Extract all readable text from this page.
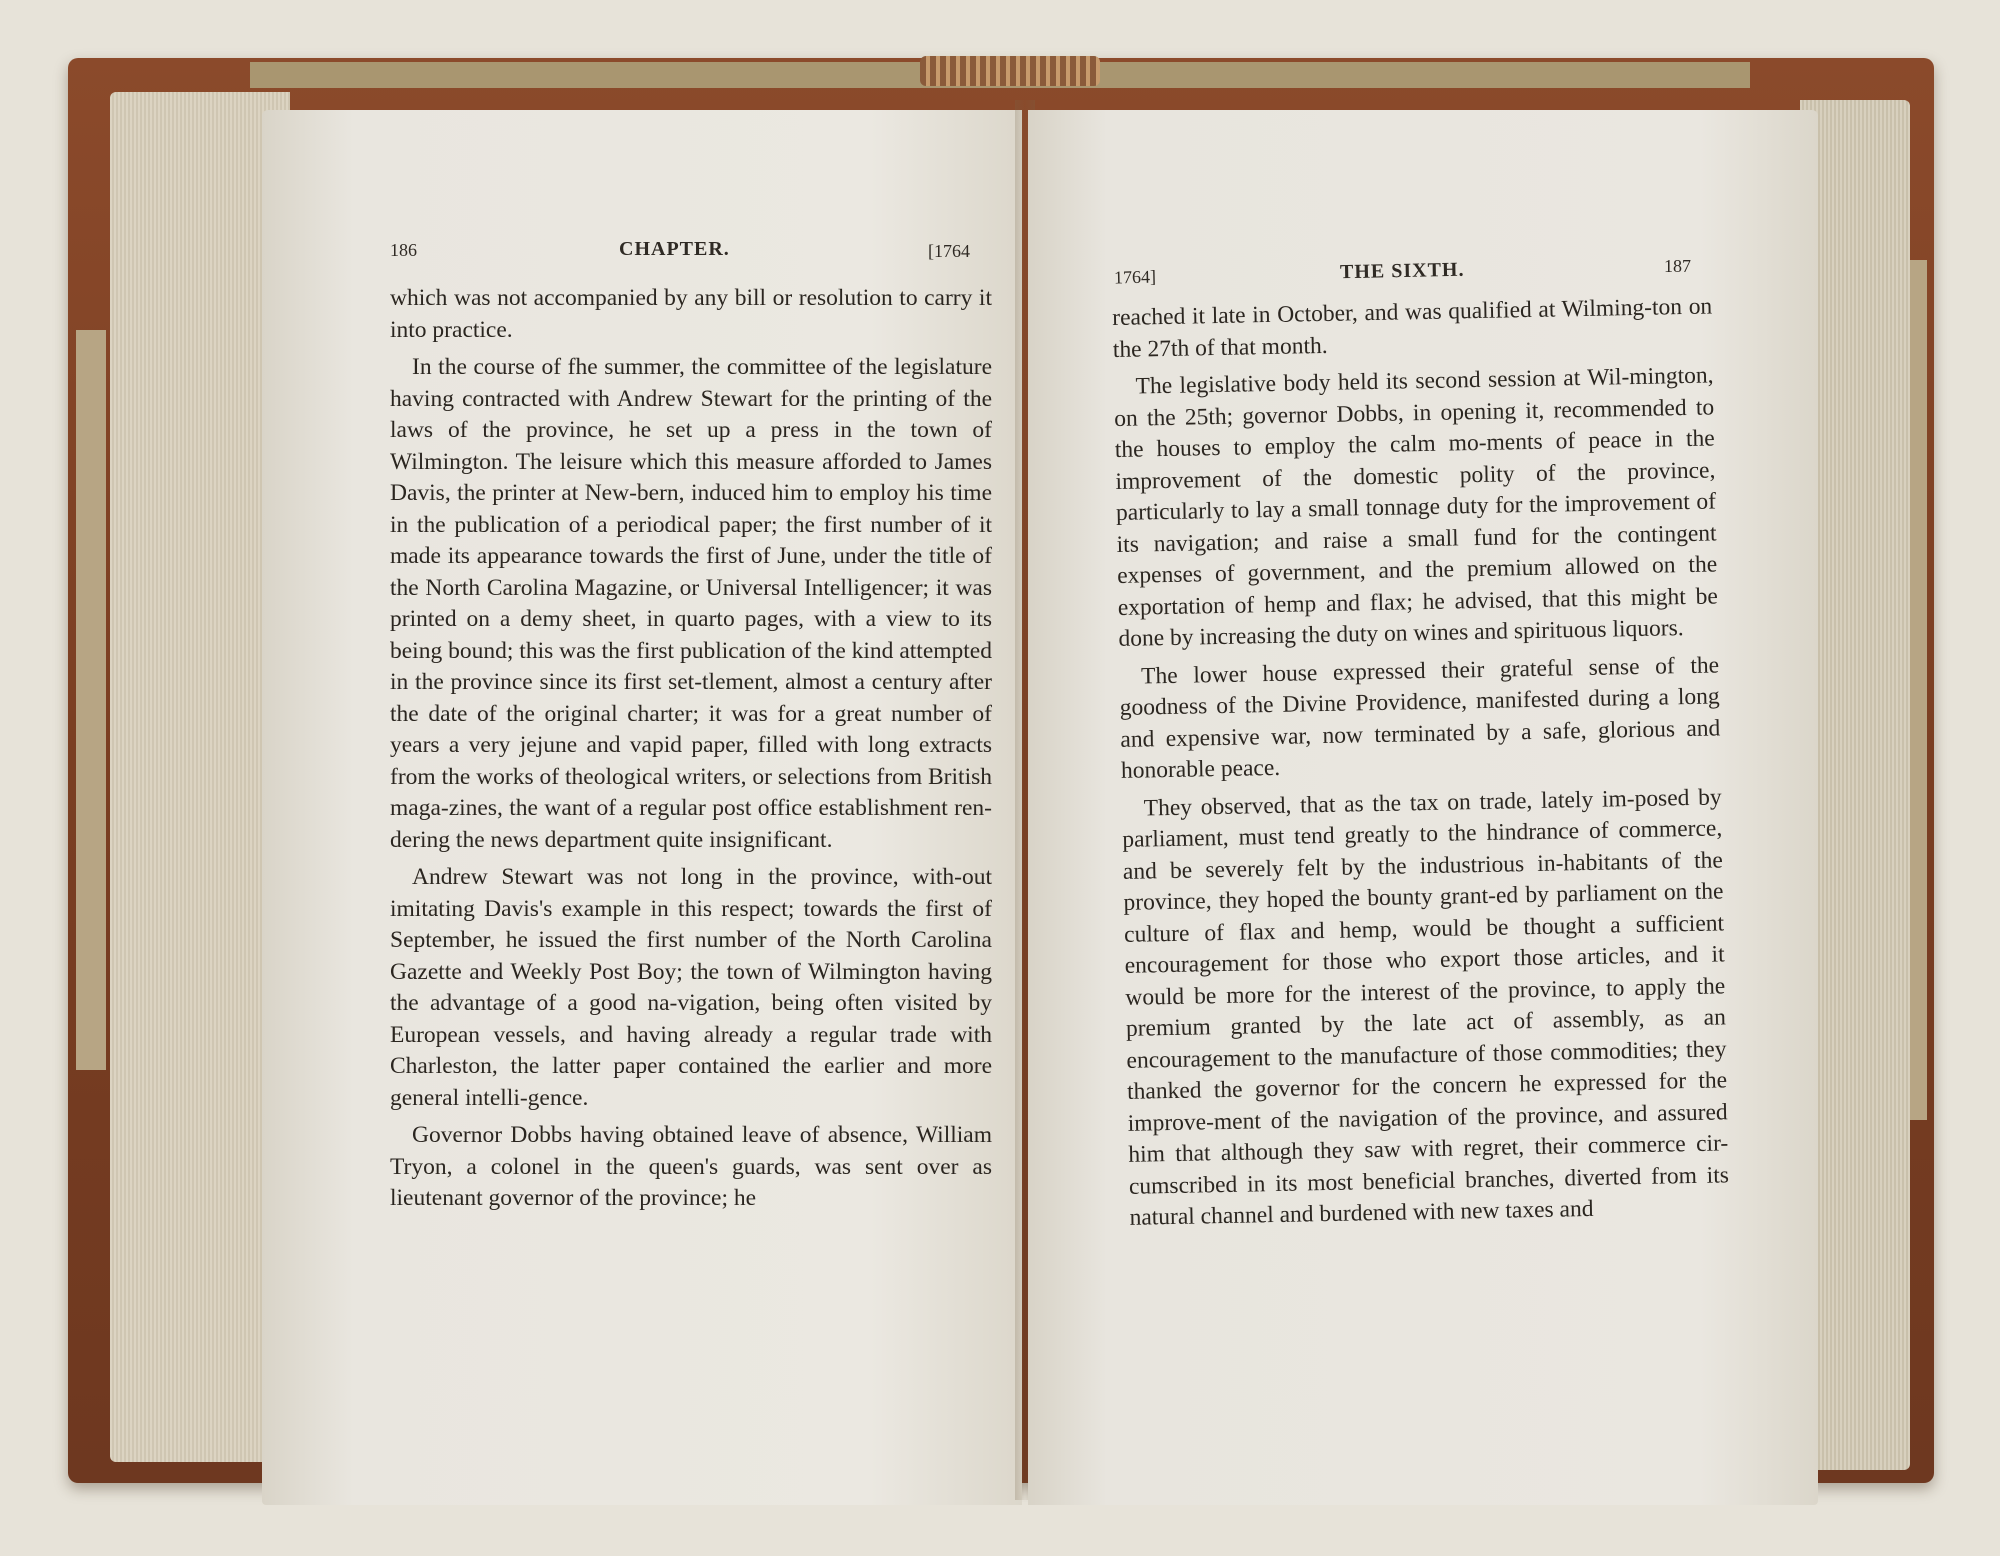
186	CHAPTER.	[1764

which was not accompanied by any bill or resolution to carry it into practice.

In the course of fhe summer, the committee of the legislature having contracted with Andrew Stewart for the printing of the laws of the province, he set up a press in the town of Wilmington. The leisure which this measure afforded to James Davis, the printer at New-bern, induced him to employ his time in the publication of a periodical paper; the first number of it made its appearance towards the first of June, under the title of the North Carolina Magazine, or Universal Intelligencer; it was printed on a demy sheet, in quarto pages, with a view to its being bound; this was the first publication of the kind attempted in the province since its first set-tlement, almost a century after the date of the original charter; it was for a great number of years a very jejune and vapid paper, filled with long extracts from the works of theological writers, or selections from British maga-zines, the want of a regular post office establishment ren-dering the news department quite insignificant.

Andrew Stewart was not long in the province, with-out imitating Davis's example in this respect; towards the first of September, he issued the first number of the North Carolina Gazette and Weekly Post Boy; the town of Wilmington having the advantage of a good na-vigation, being often visited by European vessels, and having already a regular trade with Charleston, the latter paper contained the earlier and more general intelli-gence.

Governor Dobbs having obtained leave of absence, William Tryon, a colonel in the queen's guards, was sent over as lieutenant governor of the province; he

1764]	THE SIXTH.	187

reached it late in October, and was qualified at Wilming-ton on the 27th of that month.

The legislative body held its second session at Wil-mington, on the 25th; governor Dobbs, in opening it, recommended to the houses to employ the calm mo-ments of peace in the improvement of the domestic polity of the province, particularly to lay a small tonnage duty for the improvement of its navigation; and raise a small fund for the contingent expenses of government, and the premium allowed on the exportation of hemp and flax; he advised, that this might be done by increasing the duty on wines and spirituous liquors.

The lower house expressed their grateful sense of the goodness of the Divine Providence, manifested during a long and expensive war, now terminated by a safe, glorious and honorable peace.

They observed, that as the tax on trade, lately im-posed by parliament, must tend greatly to the hindrance of commerce, and be severely felt by the industrious in-habitants of the province, they hoped the bounty grant-ed by parliament on the culture of flax and hemp, would be thought a sufficient encouragement for those who export those articles, and it would be more for the interest of the province, to apply the premium granted by the late act of assembly, as an encouragement to the manufacture of those commodities; they thanked the governor for the concern he expressed for the improve-ment of the navigation of the province, and assured him that although they saw with regret, their commerce cir-cumscribed in its most beneficial branches, diverted from its natural channel and burdened with new taxes and
